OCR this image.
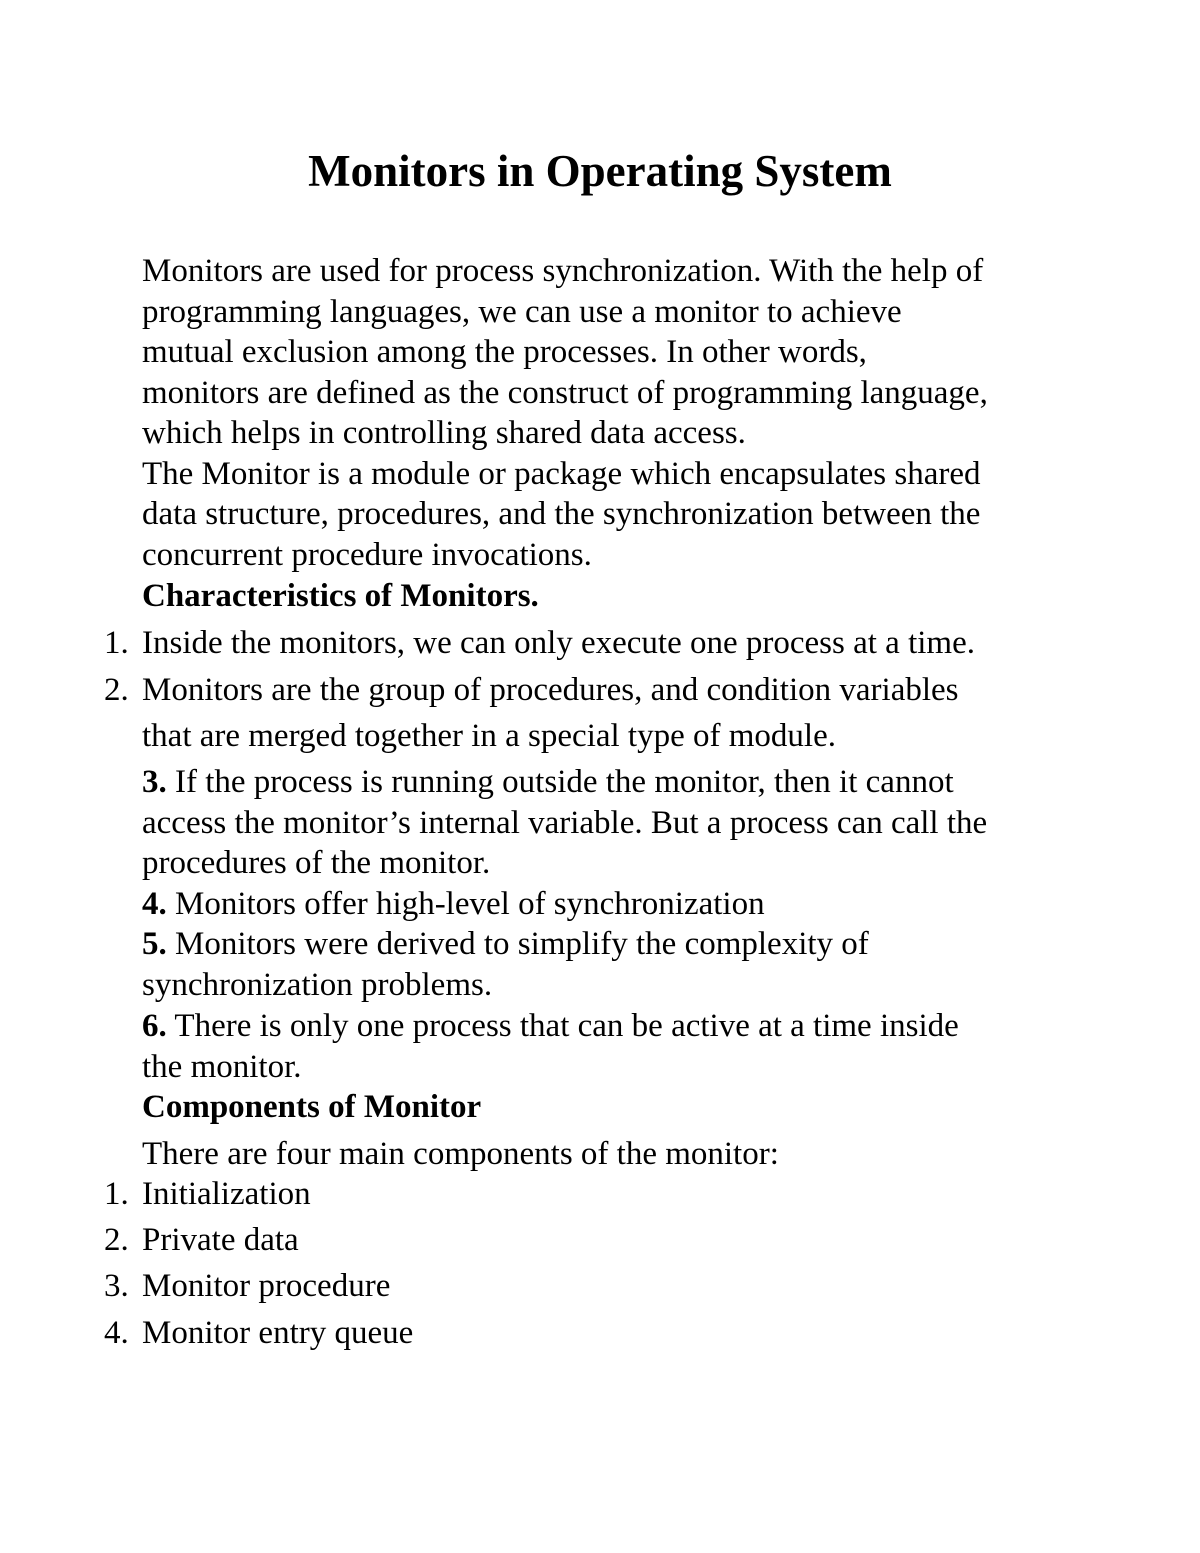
Monitors in Operating System
Monitors are used for process synchronization. With the help of
programming languages, we can use a monitor to achieve
mutual exclusion among the processes. In other words,
monitors are defined as the construct of programming language,
which helps in controlling shared data access.
The Monitor is a module or package which encapsulates shared
data structure, procedures, and the synchronization between the
concurrent procedure invocations.
Characteristics of Monitors.
1. Inside the monitors, we can only execute one process at a time.
2. Monitors are the group of procedures, and condition variables
that are merged together in a special type of module.
3. If the process is running outside the monitor, then it cannot
access the monitor’s internal variable. But a process can call the
procedures of the monitor.
4. Monitors offer high-level of synchronization
5. Monitors were derived to simplify the complexity of
synchronization problems.
6. There is only one process that can be active at a time inside
the monitor.
Components of Monitor
There are four main components of the monitor:
1. Initialization
2. Private data
3. Monitor procedure
4. Monitor entry queue
